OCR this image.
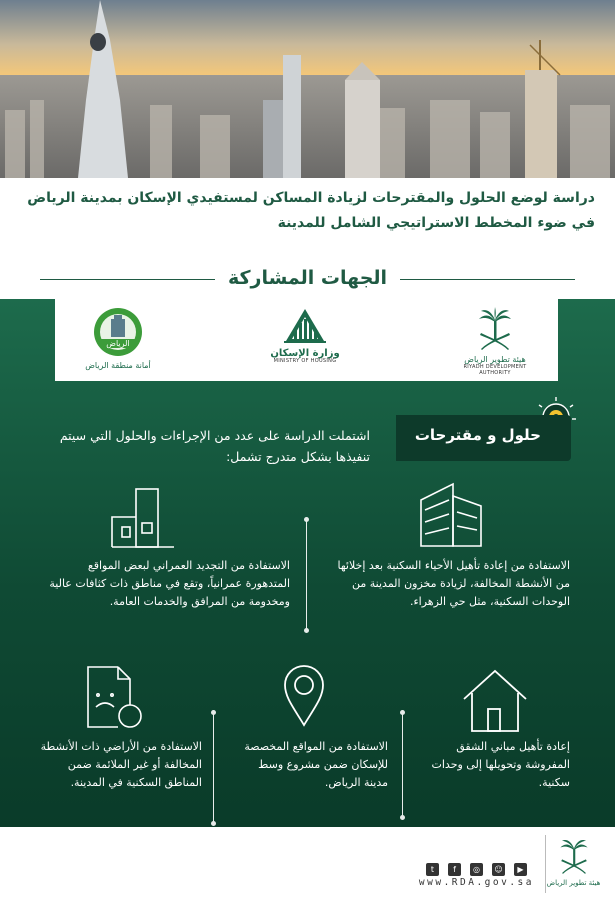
دراسة لوضع الحلول والمقترحات لزيادة المساكن لمستفيدي الإسكان بمدينة الرياض
في ضوء المخطط الاستراتيجي الشامل للمدينة
الجهات المشاركة
هيئة تطوير الرياض
RIYADH DEVELOPMENT AUTHORITY
وزارة الإسكان
MINISTRY OF HOUSING
الرياض
أمانة منطقة الرياض
حلول و مقترحات
اشتملت الدراسة على عدد من الإجراءات والحلول التي سيتم تنفيذها بشكل متدرج تشمل:
الاستفادة من إعادة تأهيل الأحياء السكنية بعد إخلائها من الأنشطة المخالفة، لزيادة مخزون المدينة من الوحدات السكنية، مثل حي الزهراء.
الاستفادة من التجديد العمراني لبعض المواقع المتدهورة عمرانياً، وتقع في مناطق ذات كثافات عالية ومخدومة من المرافق والخدمات العامة.
إعادة تأهيل مباني الشقق المفروشة وتحويلها إلى وحدات سكنية.
الاستفادة من المواقع المخصصة للإسكان ضمن مشروع وسط مدينة الرياض.
الاستفادة من الأراضي ذات الأنشطة المخالفة أو غير الملائمة ضمن المناطق السكنية في المدينة.
t	f	◎	☺	▶
www.RDA.gov.sa هيئة تطوير الرياض
